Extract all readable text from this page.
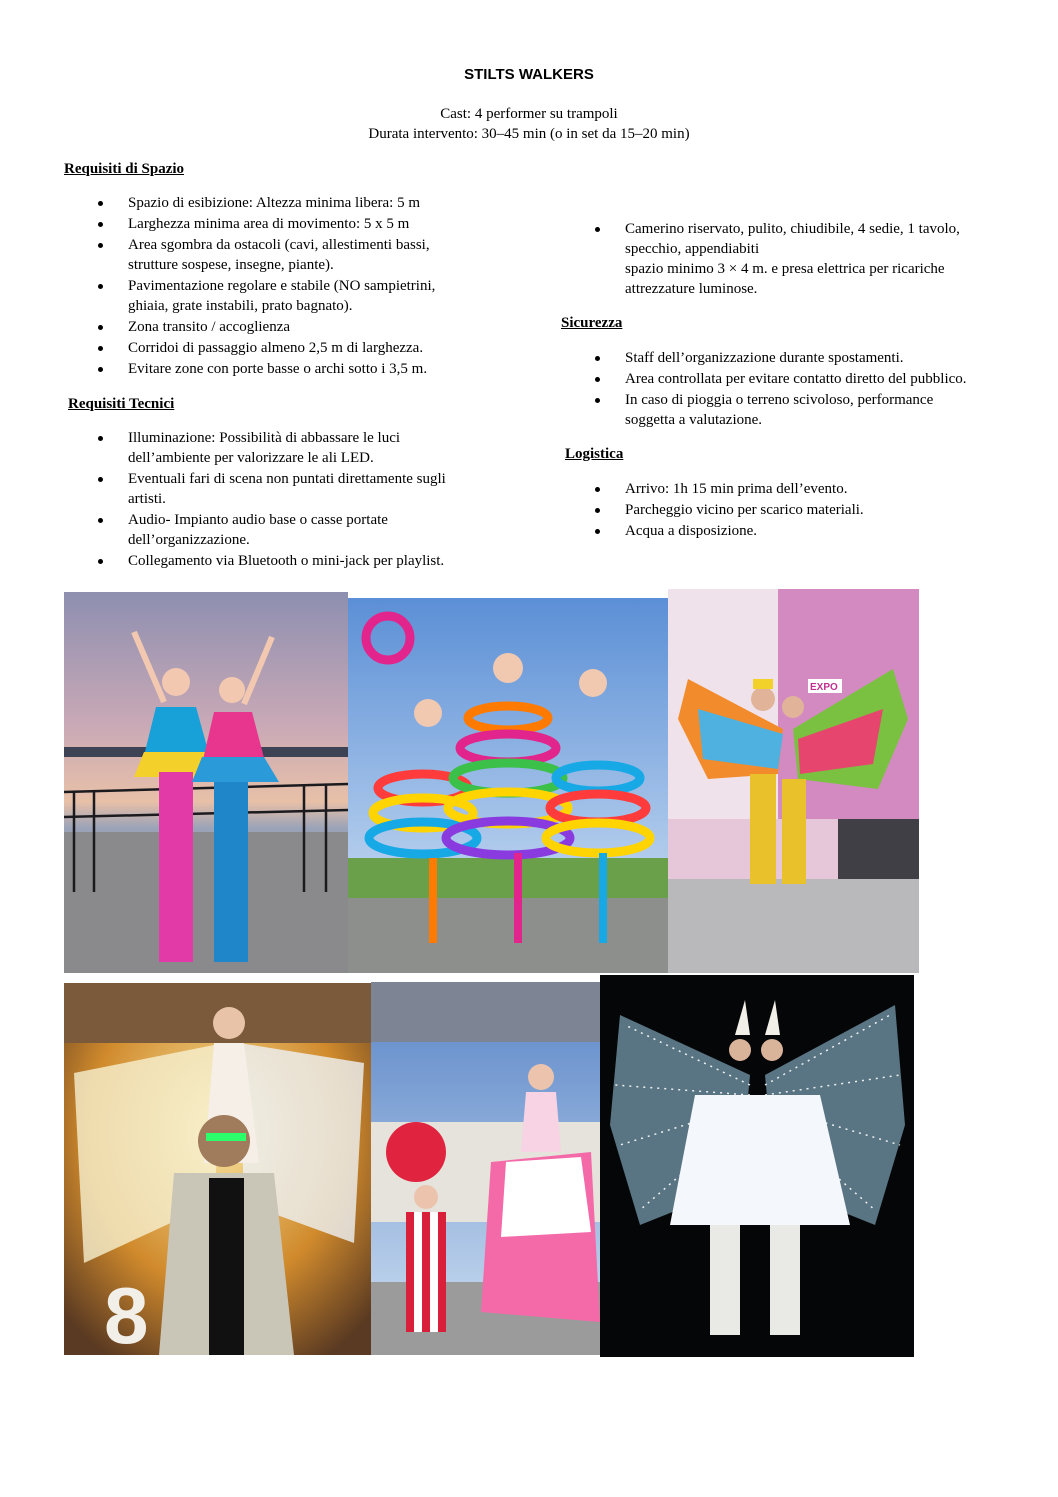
STILTS WALKERS
Cast: 4 performer su trampoli
Durata intervento: 30–45 min (o in set da 15–20 min)
Requisiti di Spazio
Spazio di esibizione: Altezza minima libera: 5 m
Larghezza minima area di movimento: 5 x 5 m
Area sgombra da ostacoli (cavi, allestimenti bassi,
strutture sospese, insegne, piante).
Pavimentazione regolare e stabile (NO sampietrini,
ghiaia, grate instabili, prato bagnato).
Zona transito / accoglienza
Corridoi di passaggio almeno 2,5 m di larghezza.
Evitare zone con porte basse o archi sotto i 3,5 m.
Requisiti Tecnici
Illuminazione: Possibilità di abbassare le luci
dell’ambiente per valorizzare le ali LED.
Eventuali fari di scena non puntati direttamente sugli
artisti.
Audio- Impianto audio base o casse portate
dell’organizzazione.
Collegamento via Bluetooth o mini-jack per playlist.
Camerino riservato, pulito, chiudibile, 4 sedie, 1 tavolo,
specchio, appendiabiti
spazio minimo 3 × 4 m. e presa elettrica per ricariche
attrezzature luminose.
Sicurezza
Staff dell’organizzazione durante spostamenti.
Area controllata per evitare contatto diretto del pubblico.
In caso di pioggia o terreno scivoloso, performance
soggetta a valutazione.
Logistica
Arrivo: 1h 15 min prima dell’evento.
Parcheggio vicino per scarico materiali.
Acqua a disposizione.
EXPO
8
